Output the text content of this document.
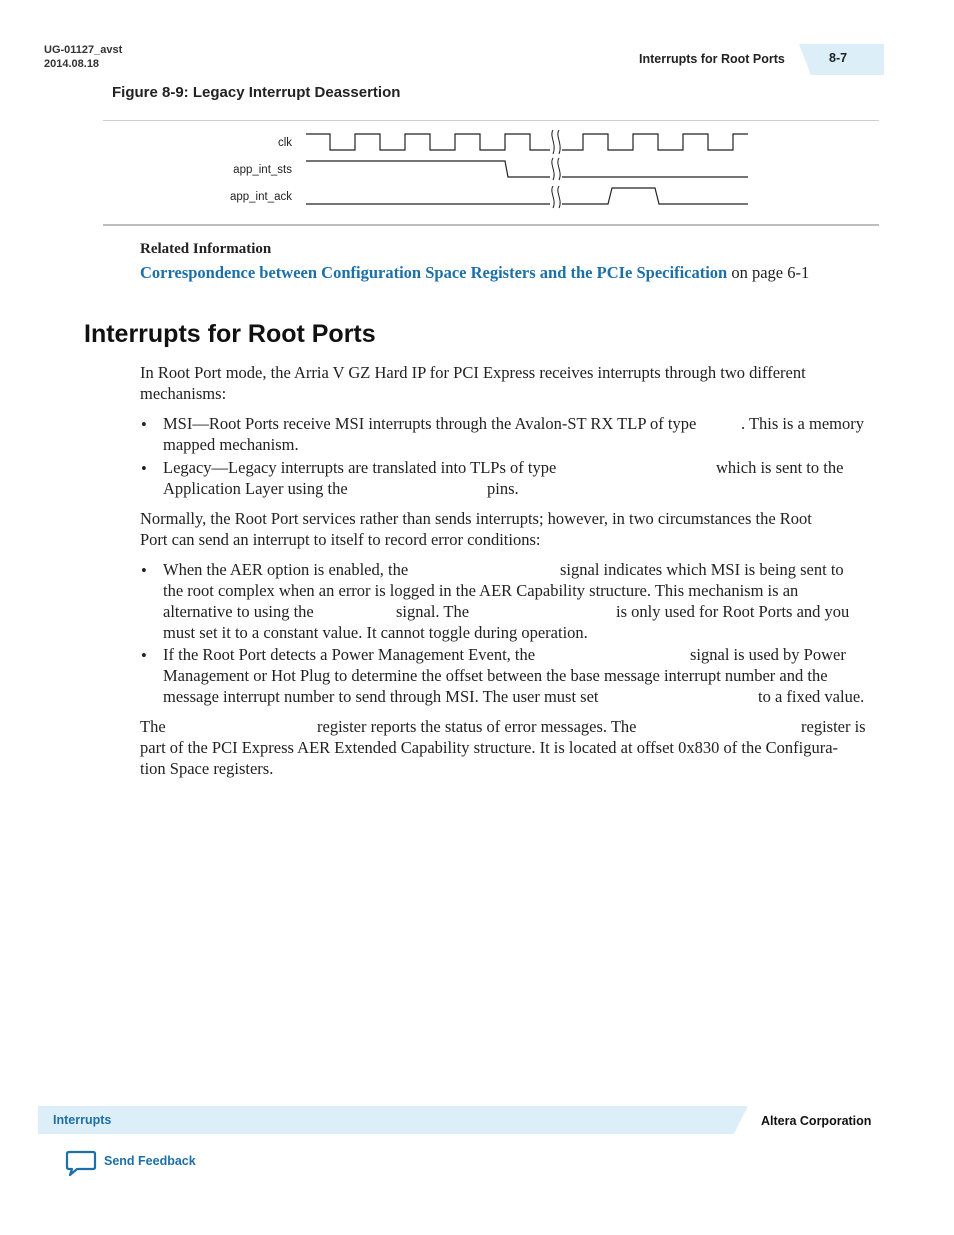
UG-01127_avst
2014.08.18	Interrupts for Root Ports	8-7
Figure 8-9: Legacy Interrupt Deassertion
clk
app_int_sts
app_int_ack
Related Information
Correspondence between Configuration Space Registers and the PCIe Specification on page 6-1
Interrupts for Root Ports
In Root Port mode, the Arria V GZ Hard IP for PCI Express receives interrupts through two different
mechanisms:
• MSI—Root Ports receive MSI interrupts through the Avalon-ST RX TLP of type	. This is a memory
mapped mechanism.
• Legacy—Legacy interrupts are translated into TLPs of type	which is sent to the
Application Layer using the	pins.
Normally, the Root Port services rather than sends interrupts; however, in two circumstances the Root
Port can send an interrupt to itself to record error conditions:
• When the AER option is enabled, the	signal indicates which MSI is being sent to
the root complex when an error is logged in the AER Capability structure. This mechanism is an
alternative to using the	signal. The	is only used for Root Ports and you
must set it to a constant value. It cannot toggle during operation.
• If the Root Port detects a Power Management Event, the	signal is used by Power
Management or Hot Plug to determine the offset between the base message interrupt number and the
message interrupt number to send through MSI. The user must set	to a fixed value.
The	register reports the status of error messages. The	register is
part of the PCI Express AER Extended Capability structure. It is located at offset 0x830 of the Configura-
tion Space registers.
Interrupts	Altera Corporation
Send Feedback
